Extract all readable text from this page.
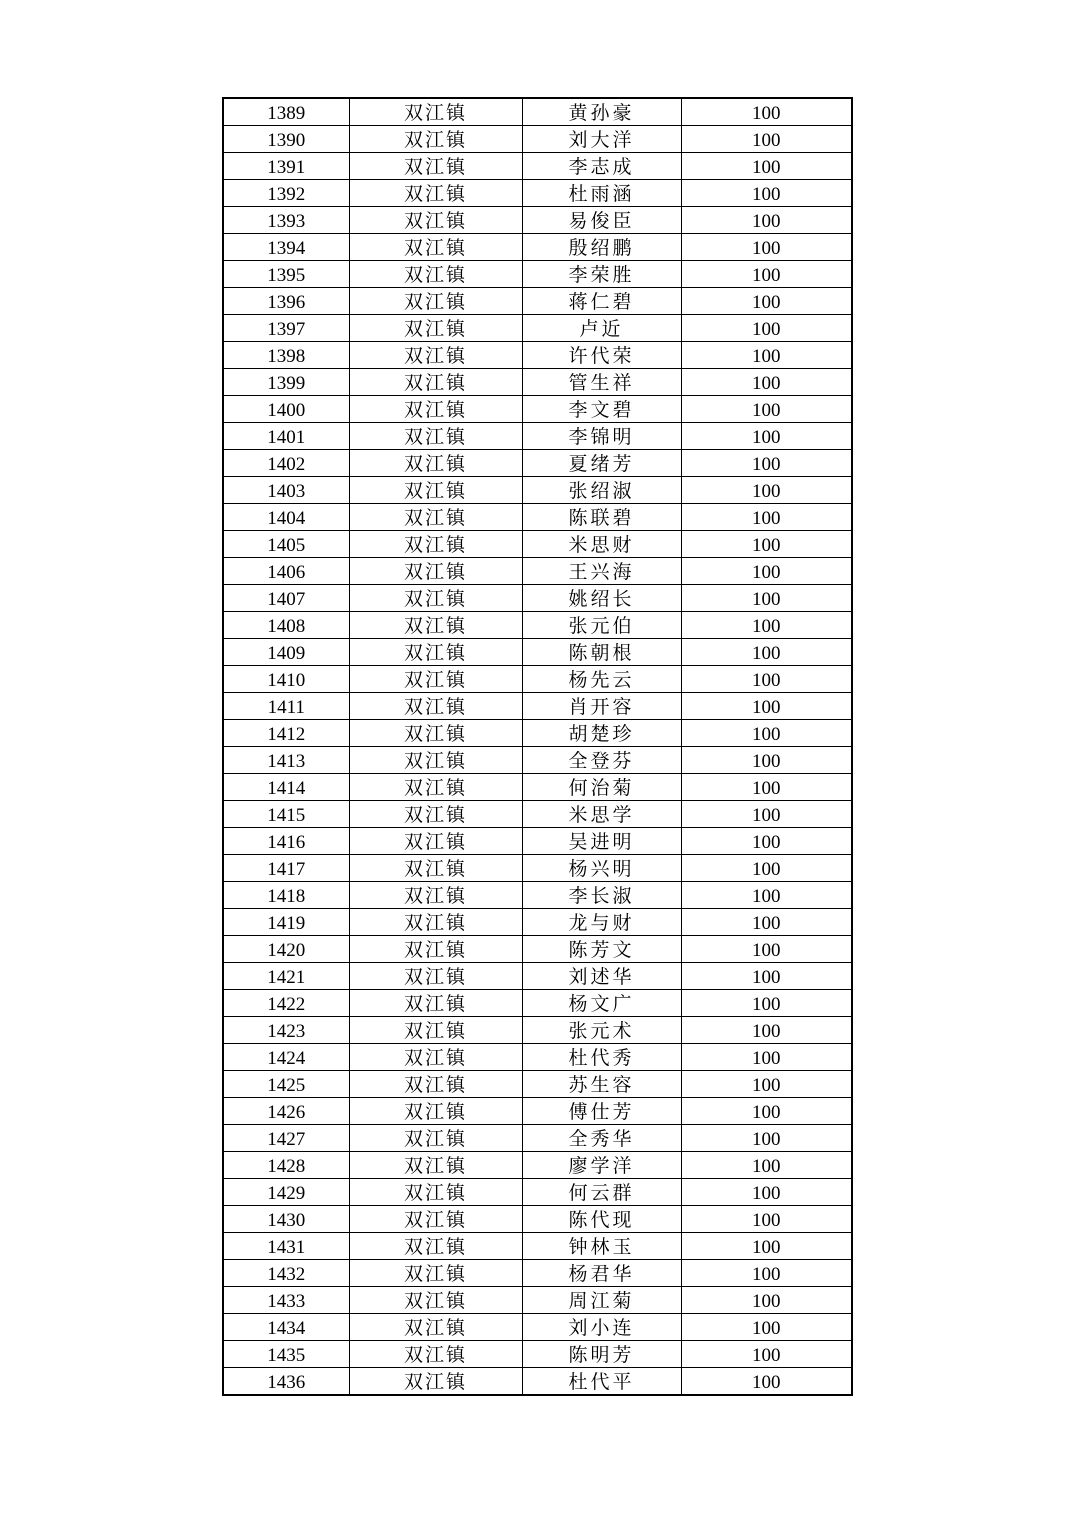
1389	双江镇	黄孙豪	100
1390	双江镇	刘大洋	100
1391	双江镇	李志成	100
1392	双江镇	杜雨涵	100
1393	双江镇	易俊臣	100
1394	双江镇	殷绍鹏	100
1395	双江镇	李荣胜	100
1396	双江镇	蒋仁碧	100
1397	双江镇	卢近	100
1398	双江镇	许代荣	100
1399	双江镇	管生祥	100
1400	双江镇	李文碧	100
1401	双江镇	李锦明	100
1402	双江镇	夏绪芳	100
1403	双江镇	张绍淑	100
1404	双江镇	陈联碧	100
1405	双江镇	米思财	100
1406	双江镇	王兴海	100
1407	双江镇	姚绍长	100
1408	双江镇	张元伯	100
1409	双江镇	陈朝根	100
1410	双江镇	杨先云	100
1411	双江镇	肖开容	100
1412	双江镇	胡楚珍	100
1413	双江镇	全登芬	100
1414	双江镇	何治菊	100
1415	双江镇	米思学	100
1416	双江镇	吴进明	100
1417	双江镇	杨兴明	100
1418	双江镇	李长淑	100
1419	双江镇	龙与财	100
1420	双江镇	陈芳文	100
1421	双江镇	刘述华	100
1422	双江镇	杨文广	100
1423	双江镇	张元术	100
1424	双江镇	杜代秀	100
1425	双江镇	苏生容	100
1426	双江镇	傅仕芳	100
1427	双江镇	全秀华	100
1428	双江镇	廖学洋	100
1429	双江镇	何云群	100
1430	双江镇	陈代现	100
1431	双江镇	钟林玉	100
1432	双江镇	杨君华	100
1433	双江镇	周江菊	100
1434	双江镇	刘小连	100
1435	双江镇	陈明芳	100
1436	双江镇	杜代平	100
